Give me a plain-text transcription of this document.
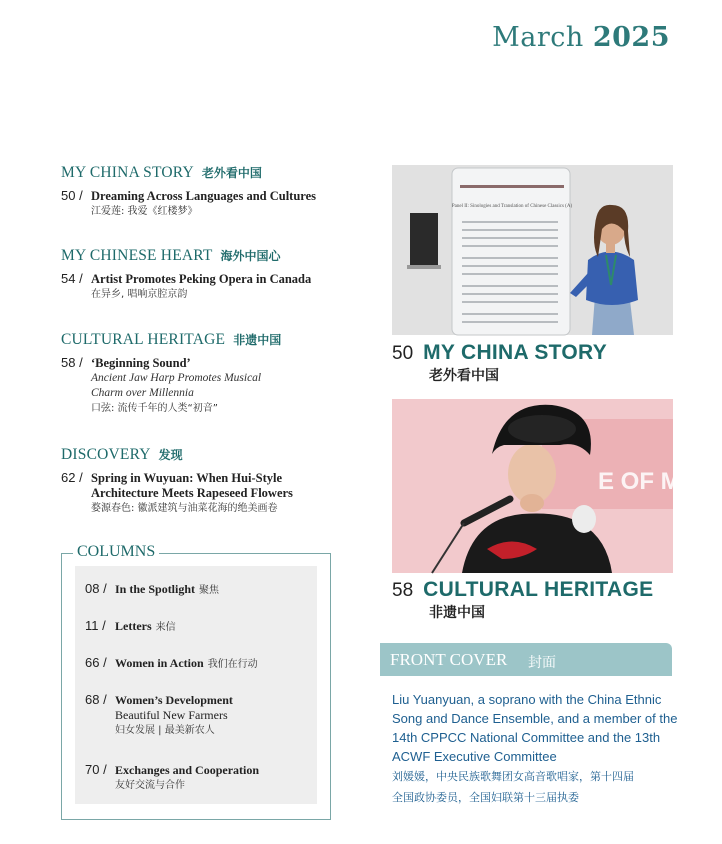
March 2025
MY CHINA STORY 老外看中国
50 / Dreaming Across Languages and Cultures
江爱莲: 我爱《红楼梦》
MY CHINESE HEART 海外中国心
54 / Artist Promotes Peking Opera in Canada
在异乡, 唱响京腔京韵
CULTURAL HERITAGE 非遗中国
58 / ‘Beginning Sound’
Ancient Jaw Harp Promotes Musical
Charm over Millennia
口弦: 流传千年的人类“初音”
DISCOVERY 发现
62 / Spring in Wuyuan: When Hui-Style
Architecture Meets Rapeseed Flowers
婺源春色: 徽派建筑与油菜花海的绝美画卷
COLUMNS
08 / In the Spotlight 聚焦
11 / Letters 来信
66 / Women in Action 我们在行动
68 / Women’s Development
Beautiful New Farmers
妇女发展 | 最美新农人
70 / Exchanges and Cooperation
友好交流与合作
Panel II: Sinologies and Translation of Chinese Classics (A)
50 MY CHINA STORY
老外看中国
E OF MO
58 CULTURAL HERITAGE
非遗中国
FRONT COVER 封面
Liu Yuanyuan, a soprano with the China Ethnic
Song and Dance Ensemble, and a member of the
14th CPPCC National Committee and the 13th
ACWF Executive Committee
刘媛媛，中央民族歌舞团女高音歌唱家，第十四届
全国政协委员，全国妇联第十三届执委
